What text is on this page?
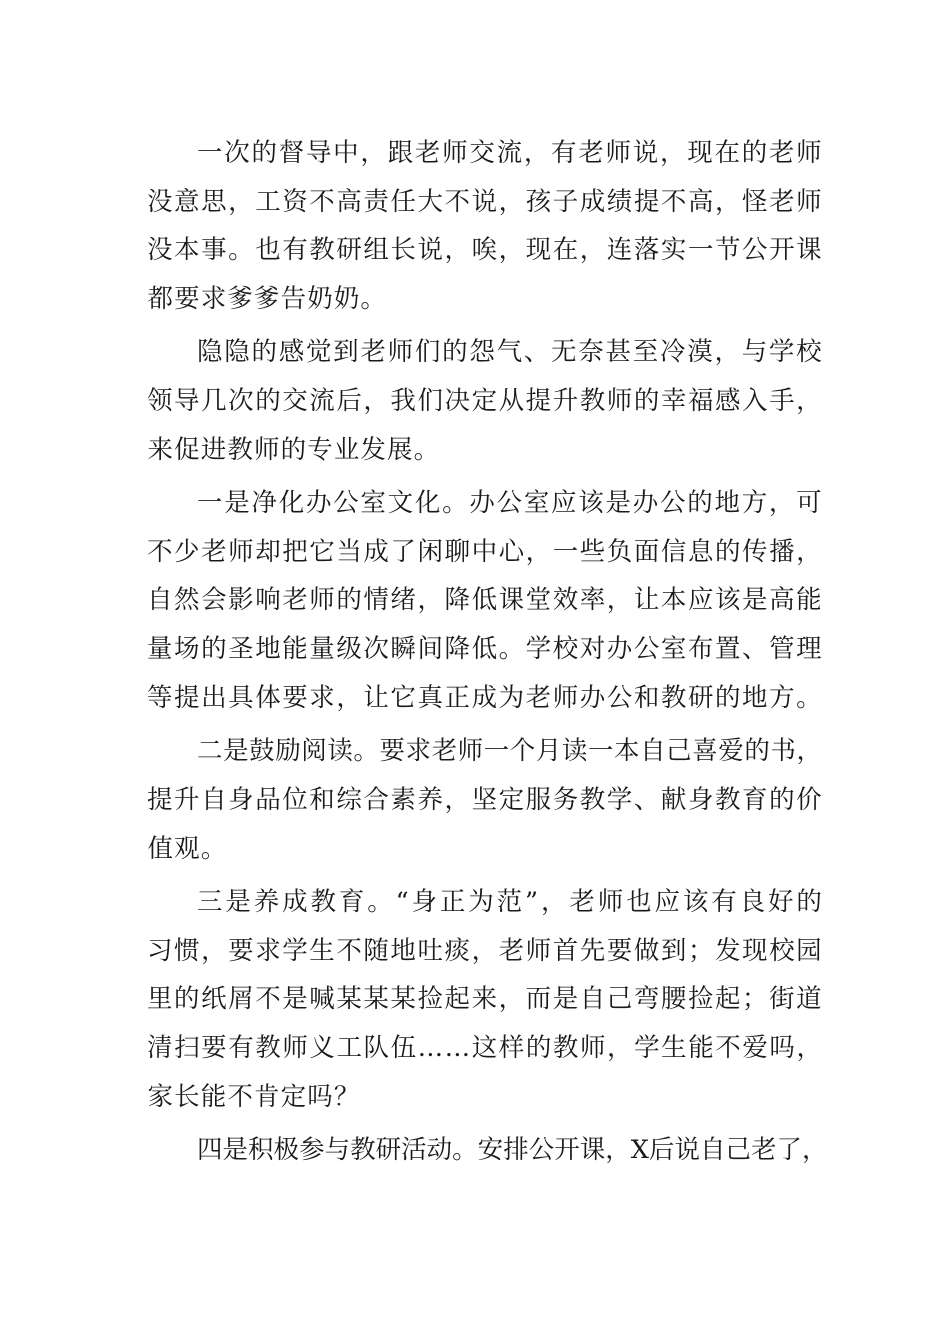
一 次 的 督 导 中 ， 跟 老 师 交 流 ， 有 老 师 说 ， 现 在 的 老 师
没 意 思 ， 工 资 不 高 责 任 大 不 说 ， 孩 子 成 绩 提 不 高 ， 怪 老 师
没 本 事 。 也 有 教 研 组 长 说 ， 唉 ， 现 在 ， 连 落 实 一 节 公 开 课
都 要 求 爹 爹 告 奶 奶 。
隐 隐 的 感 觉 到 老 师 们 的 怨 气 、 无 奈 甚 至 冷 漠 ， 与 学 校
领 导 几 次 的 交 流 后 ， 我 们 决 定 从 提 升 教 师 的 幸 福 感 入 手 ，
来 促 进 教 师 的 专 业 发 展 。
一 是 净 化 办 公 室 文 化 。 办 公 室 应 该 是 办 公 的 地 方 ， 可
不 少 老 师 却 把 它 当 成 了 闲 聊 中 心 ， 一 些 负 面 信 息 的 传 播 ，
自 然 会 影 响 老 师 的 情 绪 ， 降 低 课 堂 效 率 ， 让 本 应 该 是 高 能
量 场 的 圣 地 能 量 级 次 瞬 间 降 低 。 学 校 对 办 公 室 布 置 、 管 理
等 提 出 具 体 要 求 ， 让 它 真 正 成 为 老 师 办 公 和 教 研 的 地 方 。
二 是 鼓 励 阅 读 。 要 求 老 师 一 个 月 读 一 本 自 己 喜 爱 的 书 ，
提 升 自 身 品 位 和 综 合 素 养 ， 坚 定 服 务 教 学 、 献 身 教 育 的 价
值 观 。
三 是 养 成 教 育 。 “ 身 正 为 范 ” ， 老 师 也 应 该 有 良 好 的
习 惯 ， 要 求 学 生 不 随 地 吐 痰 ， 老 师 首 先 要 做 到 ； 发 现 校 园
里 的 纸 屑 不 是 喊 某 某 某 捡 起 来 ， 而 是 自 己 弯 腰 捡 起 ； 街 道
清 扫 要 有 教 师 义 工 队 伍 … … 这 样 的 教 师 ， 学 生 能 不 爱 吗 ，
家 长 能 不 肯 定 吗 ？
四 是 积 极 参 与 教 研 活 动 。 安 排 公 开 课 ， X 后 说 自 己 老 了 ，
